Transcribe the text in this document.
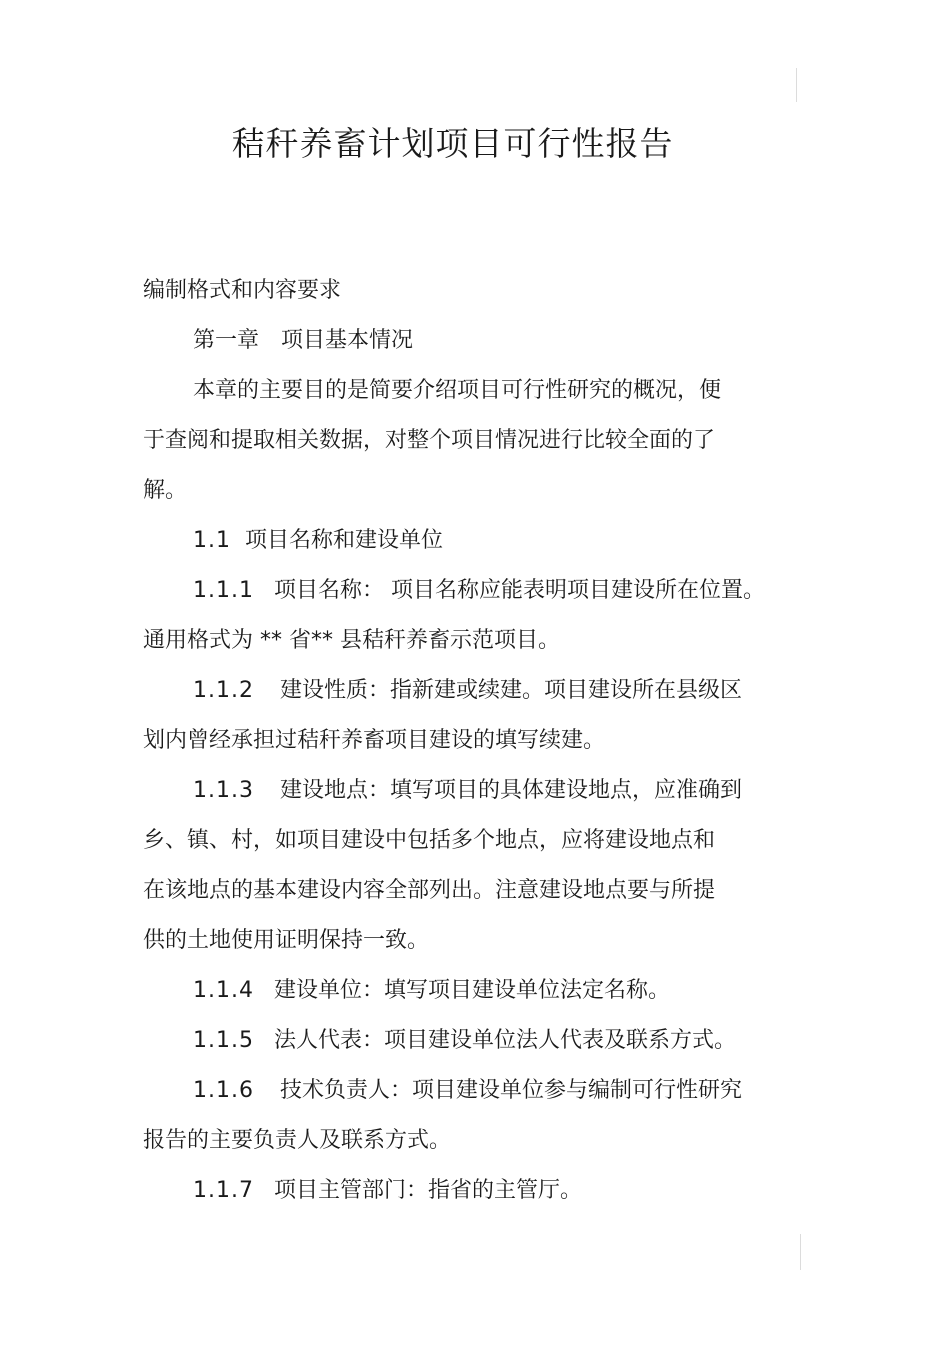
秸秆养畜计划项目可行性报告
编制格式和内容要求
第一章　项目基本情况
本章的主要目的是简要介绍项目可行性研究的概况，便
于查阅和提取相关数据，对整个项目情况进行比较全面的了
解。
1.1 项目名称和建设单位
1.1.1 项目名称： 项目名称应能表明项目建设所在位置。
通用格式为 ** 省** 县秸秆养畜示范项目。
1.1.2 建设性质：指新建或续建。项目建设所在县级区
划内曾经承担过秸秆养畜项目建设的填写续建。
1.1.3 建设地点：填写项目的具体建设地点，应准确到
乡、镇、村，如项目建设中包括多个地点，应将建设地点和
在该地点的基本建设内容全部列出。注意建设地点要与所提
供的土地使用证明保持一致。
1.1.4 建设单位：填写项目建设单位法定名称。
1.1.5 法人代表：项目建设单位法人代表及联系方式。
1.1.6 技术负责人：项目建设单位参与编制可行性研究
报告的主要负责人及联系方式。
1.1.7 项目主管部门：指省的主管厅。
